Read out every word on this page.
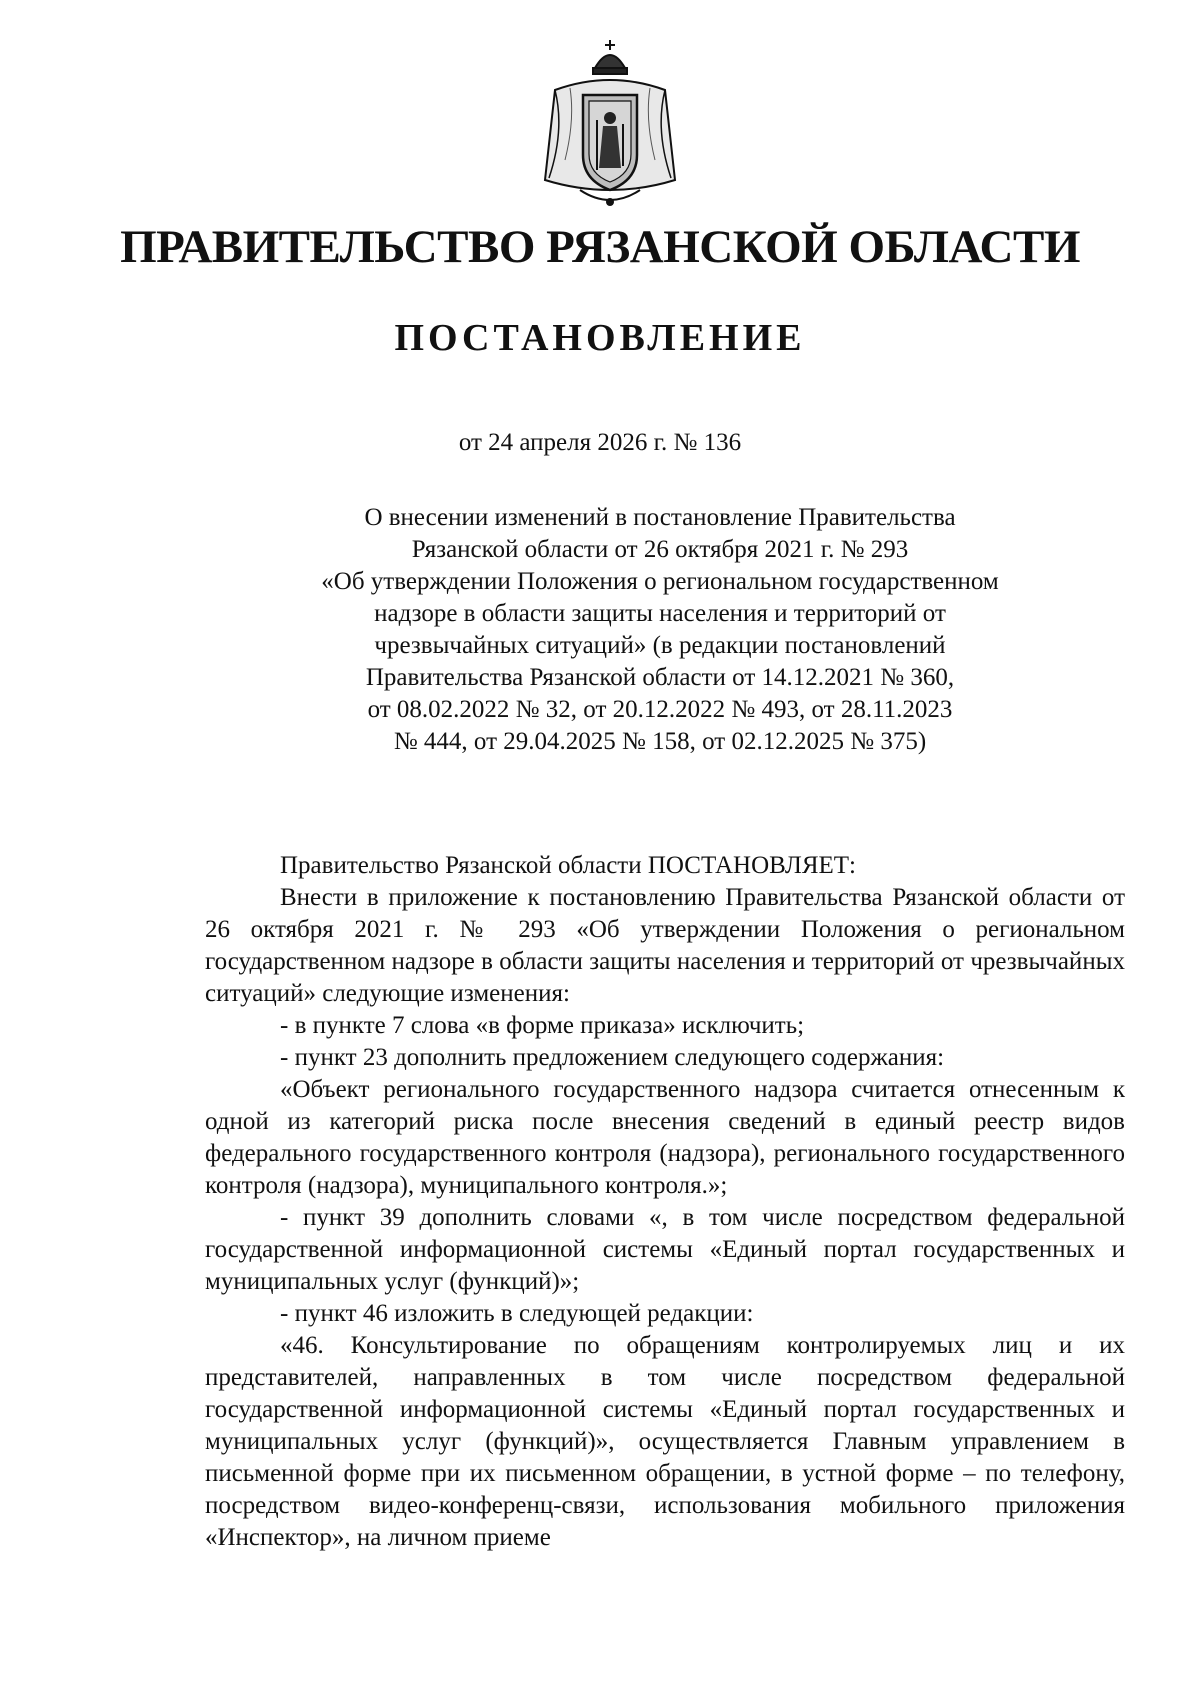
ПРАВИТЕЛЬСТВО РЯЗАНСКОЙ ОБЛАСТИ
ПОСТАНОВЛЕНИЕ
от 24 апреля 2026 г. № 136
О внесении изменений в постановление Правительства
Рязанской области от 26 октября 2021 г. № 293
«Об утверждении Положения о региональном государственном
надзоре в области защиты населения и территорий от
чрезвычайных ситуаций» (в редакции постановлений
Правительства Рязанской области от 14.12.2021 № 360,
от 08.02.2022 № 32, от 20.12.2022 № 493, от 28.11.2023
№ 444, от 29.04.2025 № 158, от 02.12.2025 № 375)

Правительство Рязанской области ПОСТАНОВЛЯЕТ:

Внести в приложение к постановлению Правительства Рязанской области от 26 октября 2021 г. № 293 «Об утверждении Положения о региональном государственном надзоре в области защиты населения и территорий от чрезвычайных ситуаций» следующие изменения:

- в пункте 7 слова «в форме приказа» исключить;

- пункт 23 дополнить предложением следующего содержания:

«Объект регионального государственного надзора считается отнесенным к одной из категорий риска после внесения сведений в единый реестр видов федерального государственного контроля (надзора), регионального государственного контроля (надзора), муниципального контроля.»;

- пункт 39 дополнить словами «, в том числе посредством федеральной государственной информационной системы «Единый портал государственных и муниципальных услуг (функций)»;

- пункт 46 изложить в следующей редакции:

«46. Консультирование по обращениям контролируемых лиц и их представителей, направленных в том числе посредством федеральной государственной информационной системы «Единый портал государственных и муниципальных услуг (функций)», осуществляется Главным управлением в письменной форме при их письменном обращении, в устной форме – по телефону, посредством видео-конференц-связи, использования мобильного приложения «Инспектор», на личном приеме
